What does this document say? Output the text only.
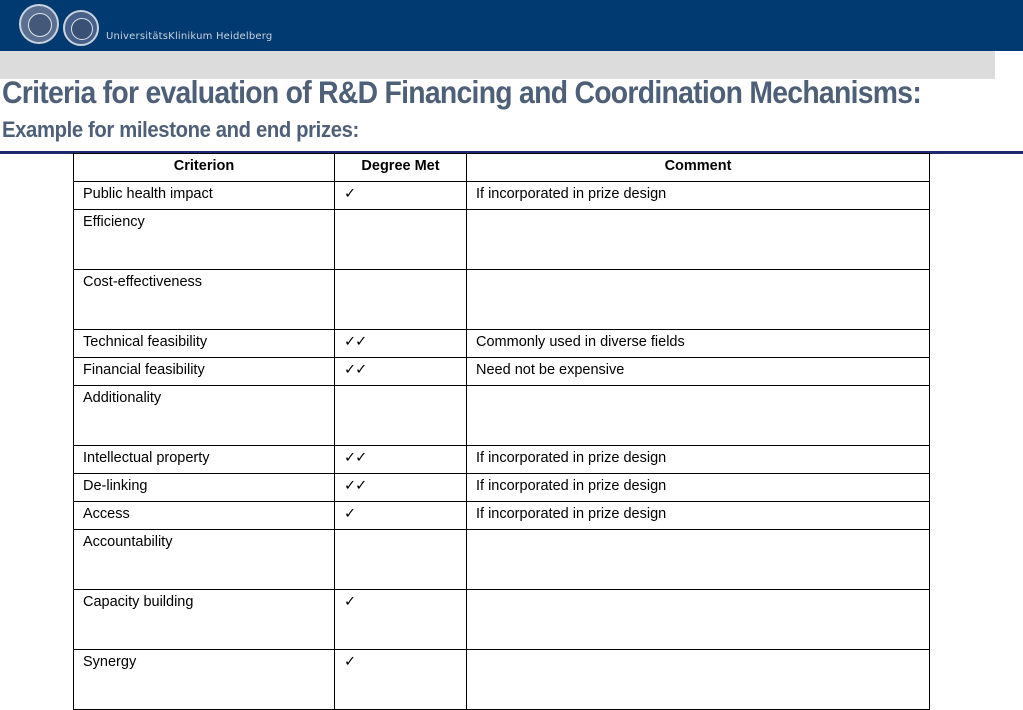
UniversitätsKlinikum Heidelberg
Criteria for evaluation of R&D Financing and Coordination Mechanisms:
Example for milestone and end prizes:
Criterion	Degree Met	Comment
Public health impact	✓	If incorporated in prize design
Efficiency		
Cost-effectiveness		
Technical feasibility	✓✓	Commonly used in diverse fields
Financial feasibility	✓✓	Need not be expensive
Additionality		
Intellectual property	✓✓	If incorporated in prize design
De-linking	✓✓	If incorporated in prize design
Access	✓	If incorporated in prize design
Accountability		
Capacity building	✓	
Synergy	✓	
